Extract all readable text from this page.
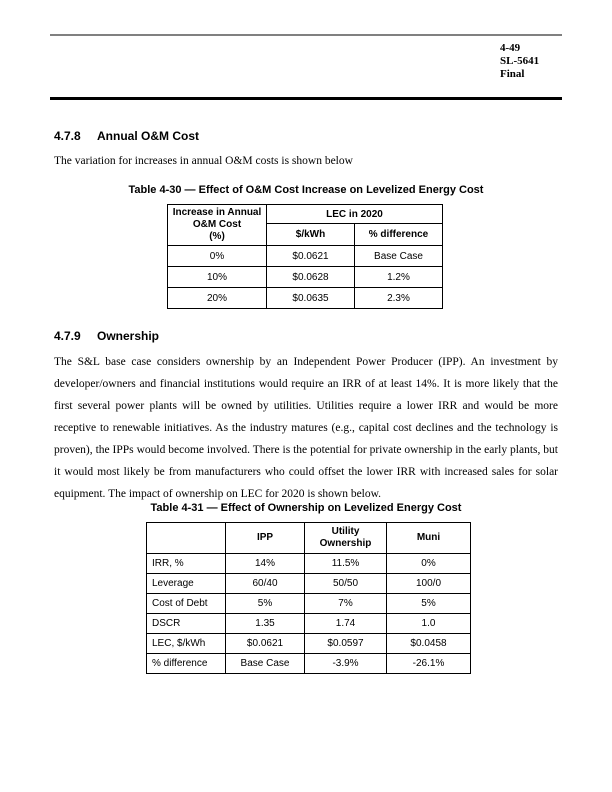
4-49
SL-5641
Final
4.7.8 Annual O&M Cost
The variation for increases in annual O&M costs is shown below
Table 4-30 — Effect of O&M Cost Increase on Levelized Energy Cost
Increase in Annual
O&M Cost
(%)	LEC in 2020	
	$/kWh	% difference
0%	$0.0621	Base Case
10%	$0.0628	1.2%
20%	$0.0635	2.3%
4.7.9 Ownership
The S&L base case considers ownership by an Independent Power Producer (IPP). An investment by developer/owners and financial institutions would require an IRR of at least 14%. It is more likely that the first several power plants will be owned by utilities. Utilities require a lower IRR and would be more receptive to renewable initiatives. As the industry matures (e.g., capital cost declines and the technology is proven), the IPPs would become involved. There is the potential for private ownership in the early plants, but it would most likely be from manufacturers who could offset the lower IRR with increased sales for solar equipment. The impact of ownership on LEC for 2020 is shown below.
Table 4-31 — Effect of Ownership on Levelized Energy Cost
	IPP	Utility Ownership	Muni
IRR, %	14%	11.5%	0%
Leverage	60/40	50/50	100/0
Cost of Debt	5%	7%	5%
DSCR	1.35	1.74	1.0
LEC, $/kWh	$0.0621	$0.0597	$0.0458
% difference	Base Case	-3.9%	-26.1%
